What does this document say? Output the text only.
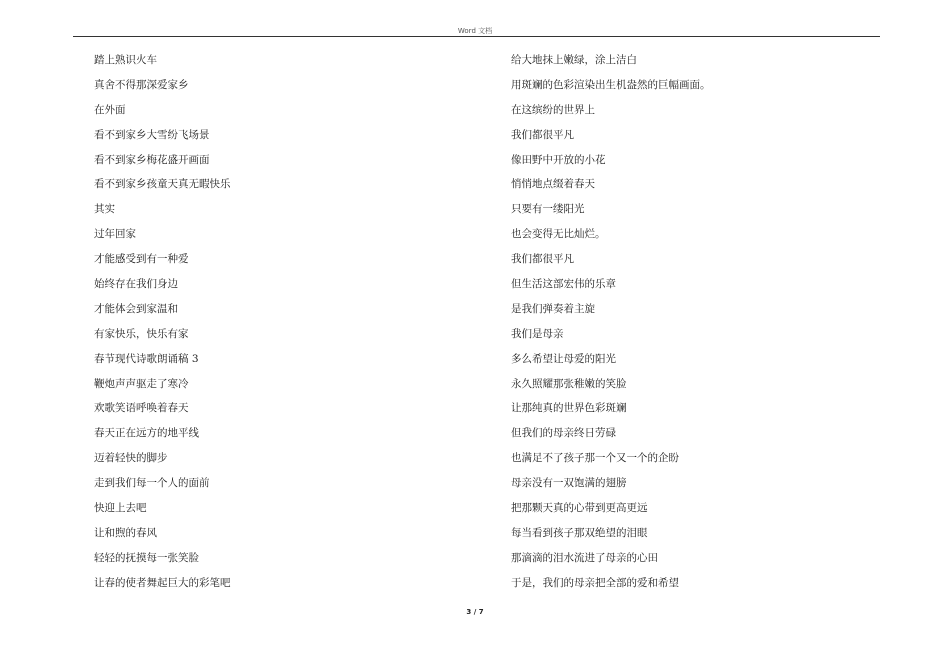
Word 文档
踏上熟识火车
真舍不得那深爱家乡
在外面
看不到家乡大雪纷飞场景
看不到家乡梅花盛开画面
看不到家乡孩童天真无暇快乐
其实
过年回家
才能感受到有一种爱
始终存在我们身边
才能体会到家温和
有家快乐，快乐有家
春节现代诗歌朗诵稿 3
鞭炮声声驱走了寒冷
欢歌笑语呼唤着春天
春天正在远方的地平线
迈着轻快的脚步
走到我们每一个人的面前
快迎上去吧
让和煦的春风
轻轻的抚摸每一张笑脸
让春的使者舞起巨大的彩笔吧
给大地抹上嫩绿，涂上洁白
用斑斓的色彩渲染出生机盎然的巨幅画面。
在这缤纷的世界上
我们都很平凡
像田野中开放的小花
悄悄地点缀着春天
只要有一缕阳光
也会变得无比灿烂。
我们都很平凡
但生活这部宏伟的乐章
是我们弹奏着主旋
我们是母亲
多么希望让母爱的阳光
永久照耀那张稚嫩的笑脸
让那纯真的世界色彩斑斓
但我们的母亲终日劳碌
也满足不了孩子那一个又一个的企盼
母亲没有一双饱满的翅膀
把那颗天真的心带到更高更远
每当看到孩子那双绝望的泪眼
那滴滴的泪水流进了母亲的心田
于是，我们的母亲把全部的爱和希望
3 / 7
